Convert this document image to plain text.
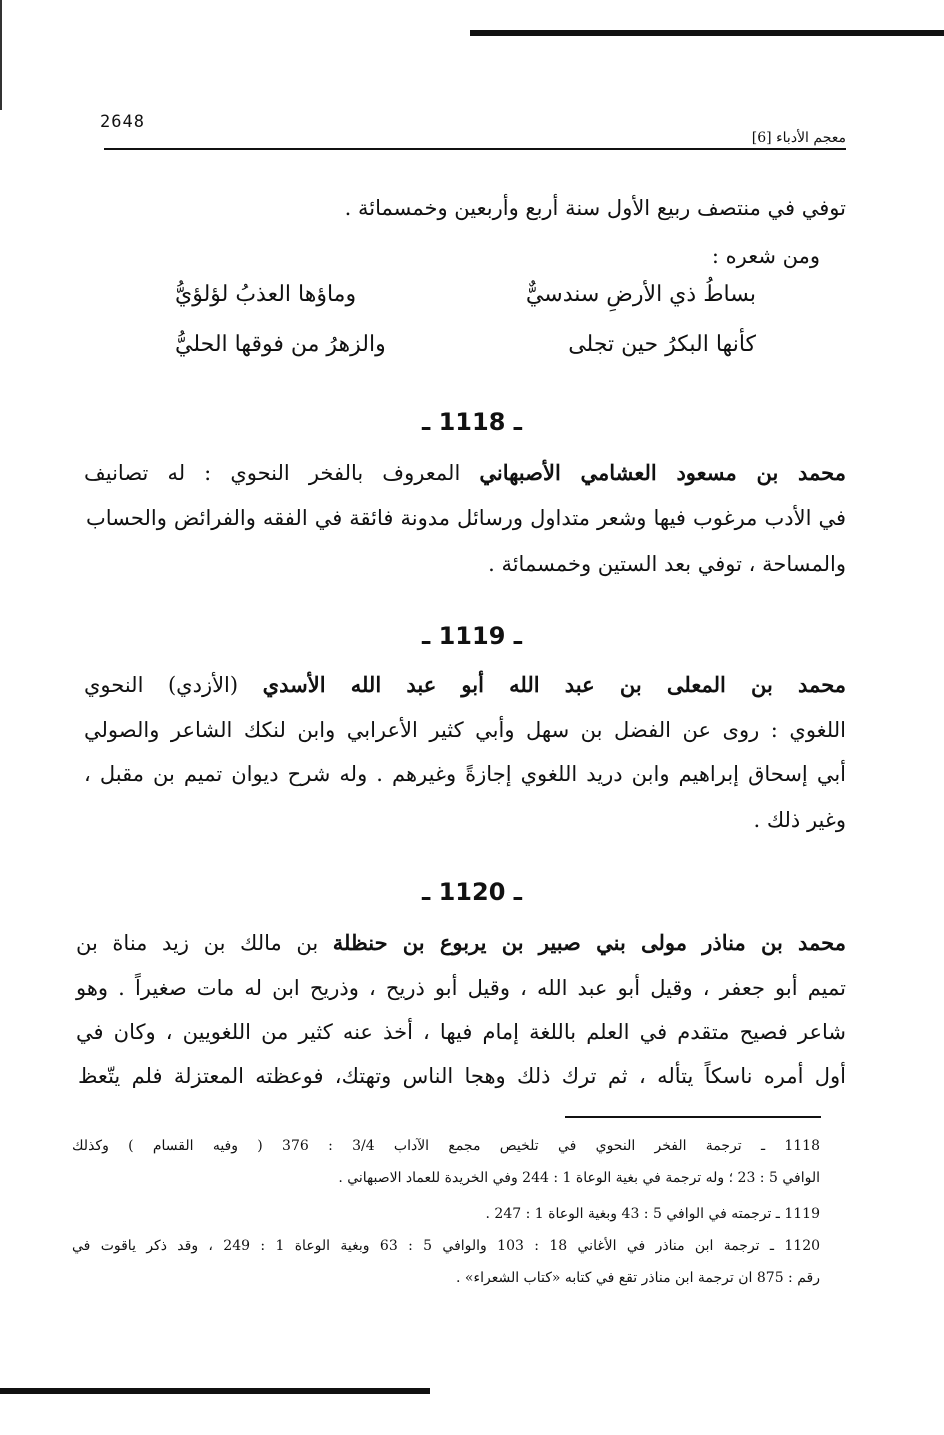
2648
معجم الأدباء [6]
توفي في منتصف ربيع الأول سنة أربع وأربعين وخمسمائة .
ومن شعره :
بساطُ ذي الأرضِ سندسيٌّ
وماؤها العذبُ لؤلؤيُّ
كأنها البكرُ حين تجلى
والزهرُ من فوقها الحليُّ
ـ 1118 ـ
محمد بن مسعود العشامي الأصبهاني المعروف بالفخر النحوي : له تصانيف
في الأدب مرغوب فيها وشعر متداول ورسائل مدونة فائقة في الفقه والفرائض والحساب
والمساحة ، توفي بعد الستين وخمسمائة .
ـ 1119 ـ
محمد بن المعلى بن عبد الله أبو عبد الله الأسدي (الأزدي) النحوي
اللغوي : روى عن الفضل بن سهل وأبي كثير الأعرابي وابن لنكك الشاعر والصولي
أبي إسحاق إبراهيم وابن دريد اللغوي إجازةً وغيرهم . وله شرح ديوان تميم بن مقبل ،
وغير ذلك .
ـ 1120 ـ
محمد بن مناذر مولى بني صبير بن يربوع بن حنظلة بن مالك بن زيد مناة بن
تميم أبو جعفر ، وقيل أبو عبد الله ، وقيل أبو ذريح ، وذريح ابن له مات صغيراً . وهو
شاعر فصيح متقدم في العلم باللغة إمام فيها ، أخذ عنه كثير من اللغويين ، وكان في
أول أمره ناسكاً يتأله ، ثم ترك ذلك وهجا الناس وتهتك، فوعظته المعتزلة فلم يتّعظ
1118 ـ ترجمة الفخر النحوي في تلخيص مجمع الآداب 3/4 : 376 ( وفيه القسام ) وكذلك
الوافي 5 : 23 ؛ وله ترجمة في بغية الوعاة 1 : 244 وفي الخريدة للعماد الاصبهاني .
1119 ـ ترجمته في الوافي 5 : 43 وبغية الوعاة 1 : 247 .
1120 ـ ترجمة ابن مناذر في الأغاني 18 : 103 والوافي 5 : 63 وبغية الوعاة 1 : 249 ، وقد ذكر ياقوت في
رقم : 875 ان ترجمة ابن مناذر تقع في كتابه «كتاب الشعراء» .
